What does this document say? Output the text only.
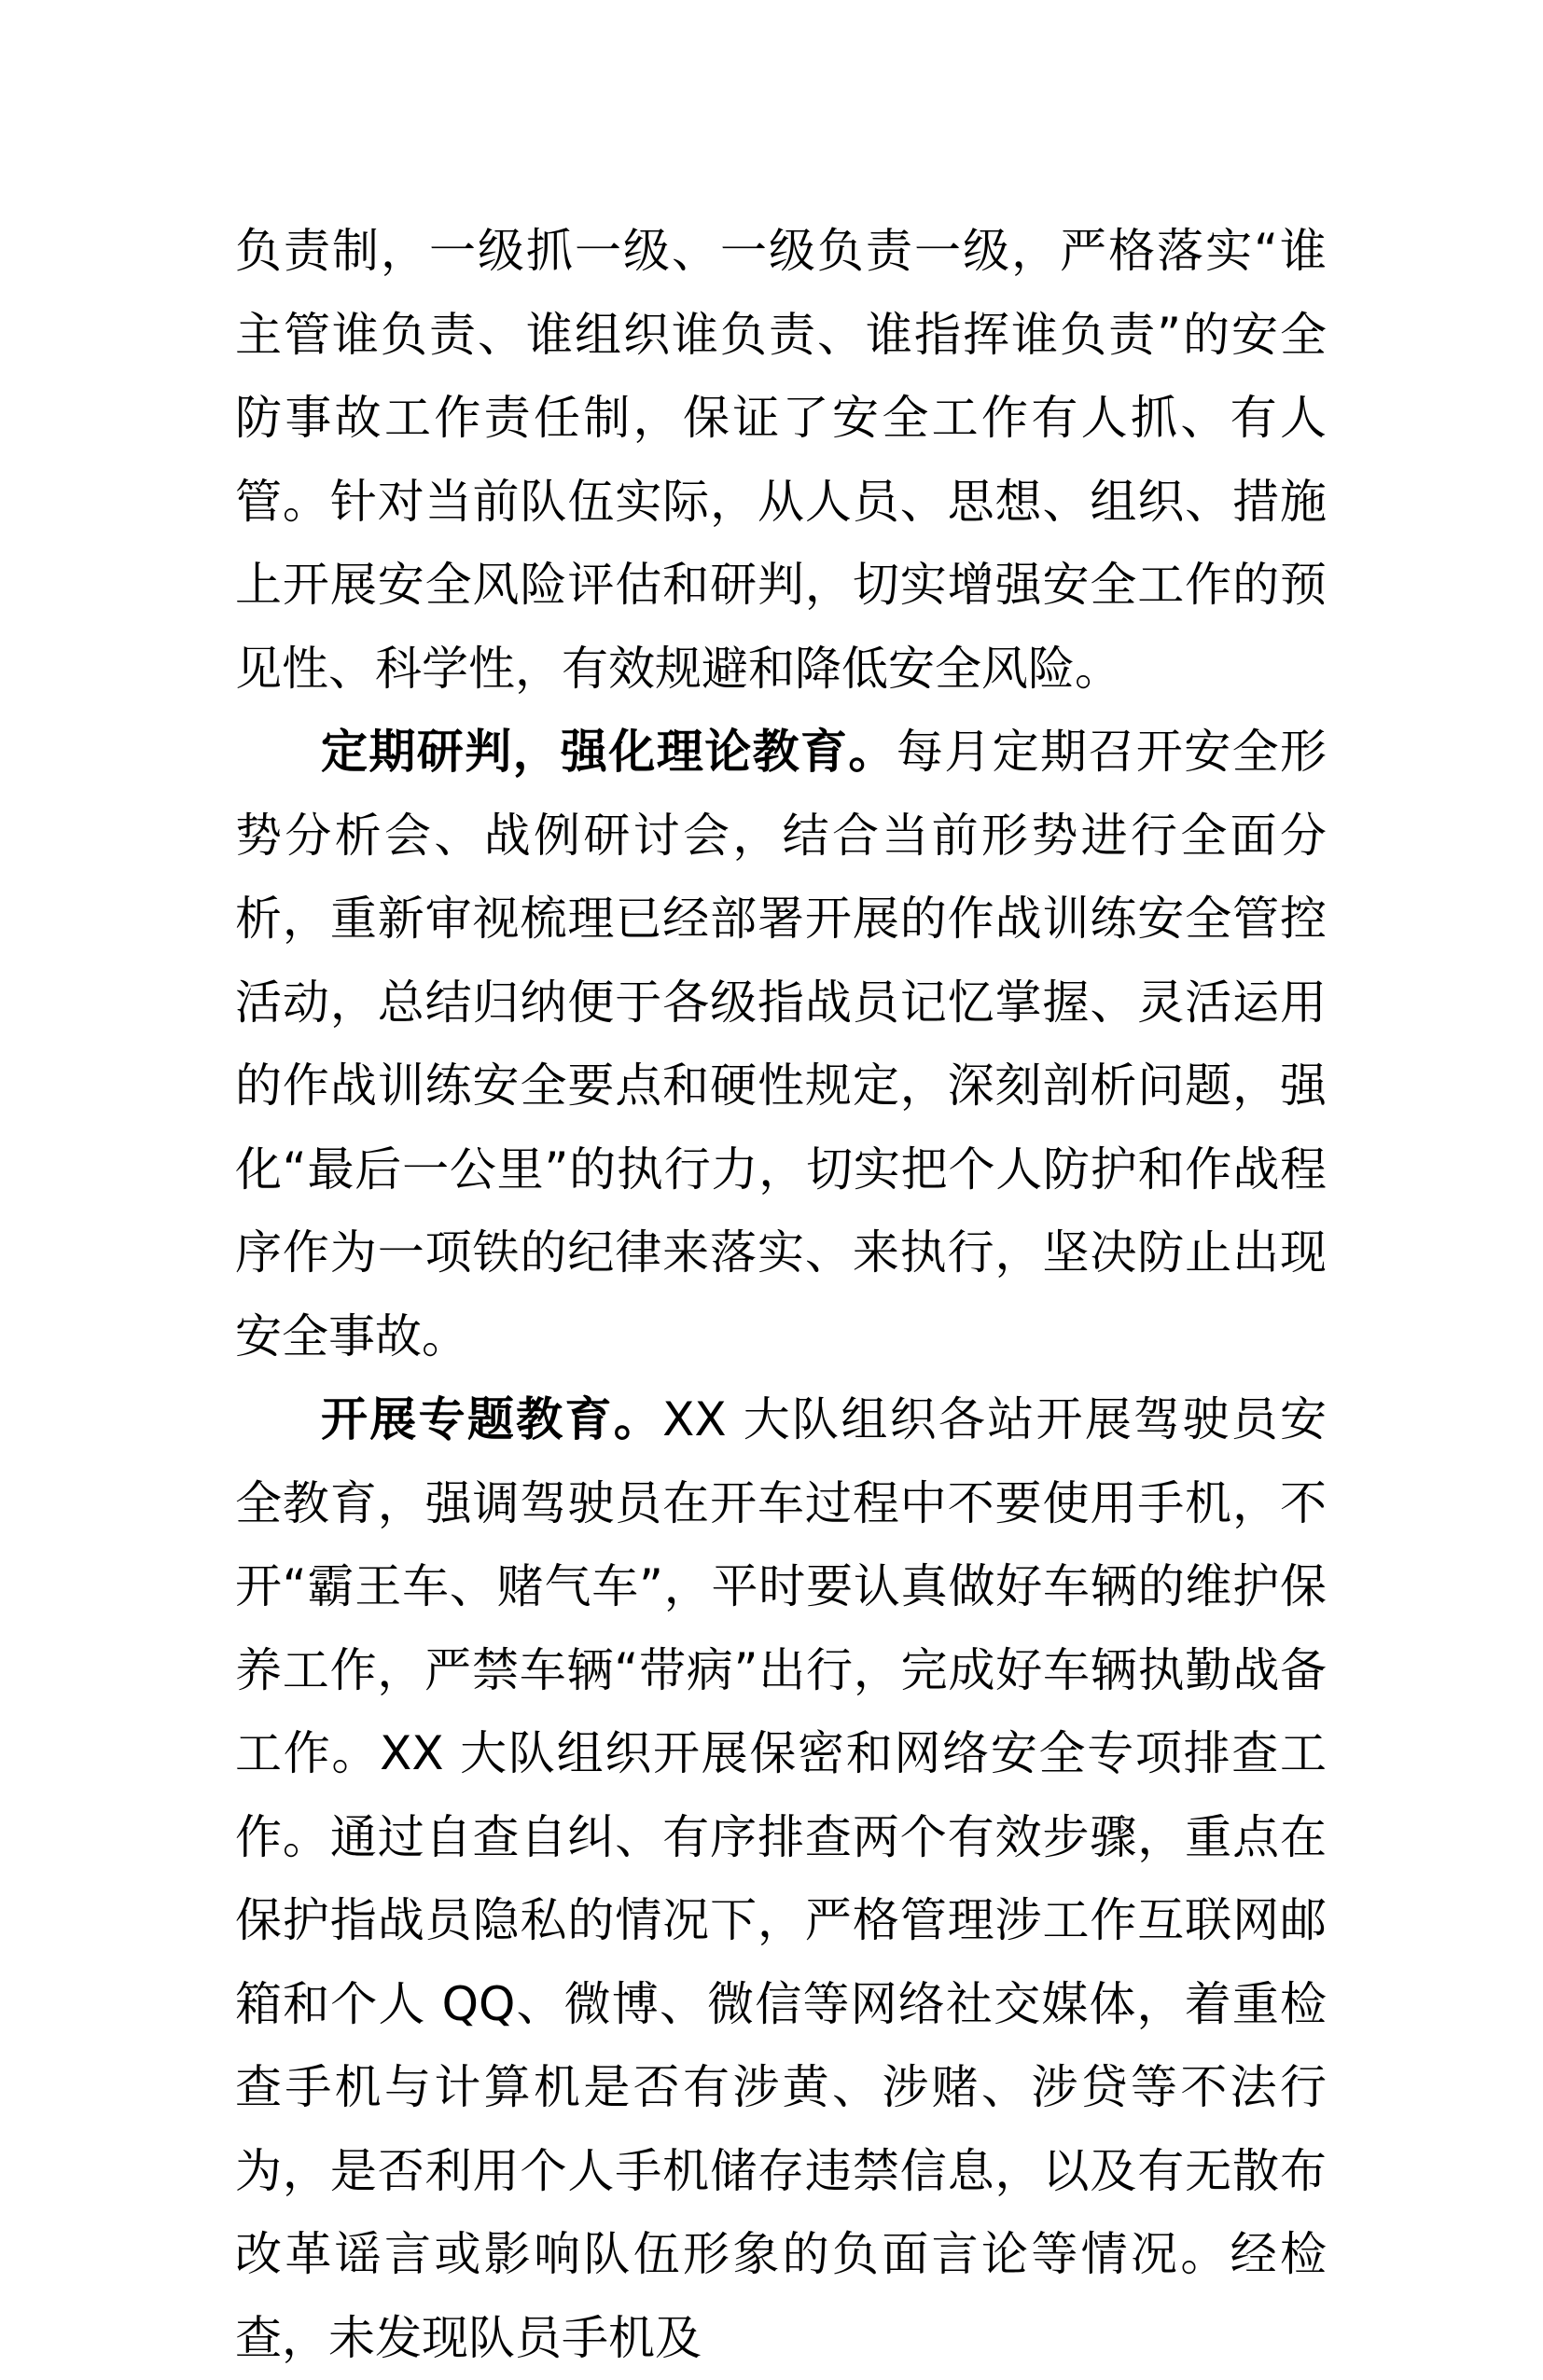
负责制，一级抓一级、一级负责一级，严格落实“谁主管谁负责、谁组织谁负责、谁指挥谁负责”的安全防事故工作责任制，保证了安全工作有人抓、有人管。针对当前队伍实际，从人员、思想、组织、措施上开展安全风险评估和研判，切实增强安全工作的预见性、科学性，有效规避和降低安全风险。

定期研判，强化理论教育。每月定期召开安全形势分析会、战例研讨会，结合当前形势进行全面分析，重新审视梳理已经部署开展的作战训练安全管控活动，总结归纳便于各级指战员记忆掌握、灵活运用的作战训练安全要点和硬性规定，深刻剖析问题，强化“最后一公里”的执行力，切实把个人防护和作战程序作为一项铁的纪律来落实、来执行，坚决防止出现安全事故。

开展专题教育。XX 大队组织各站开展驾驶员安全教育，强调驾驶员在开车过程中不要使用手机，不开“霸王车、赌气车”，平时要认真做好车辆的维护保养工作，严禁车辆“带病”出行，完成好车辆执勤战备工作。XX 大队组织开展保密和网络安全专项排查工作。通过自查自纠、有序排查两个有效步骤，重点在保护指战员隐私的情况下，严格管理涉工作互联网邮箱和个人 QQ、微博、微信等网络社交媒体，着重检查手机与计算机是否有涉黄、涉赌、涉贷等不法行为，是否利用个人手机储存违禁信息，以及有无散布改革谣言或影响队伍形象的负面言论等情况。经检查，未发现队员手机及
